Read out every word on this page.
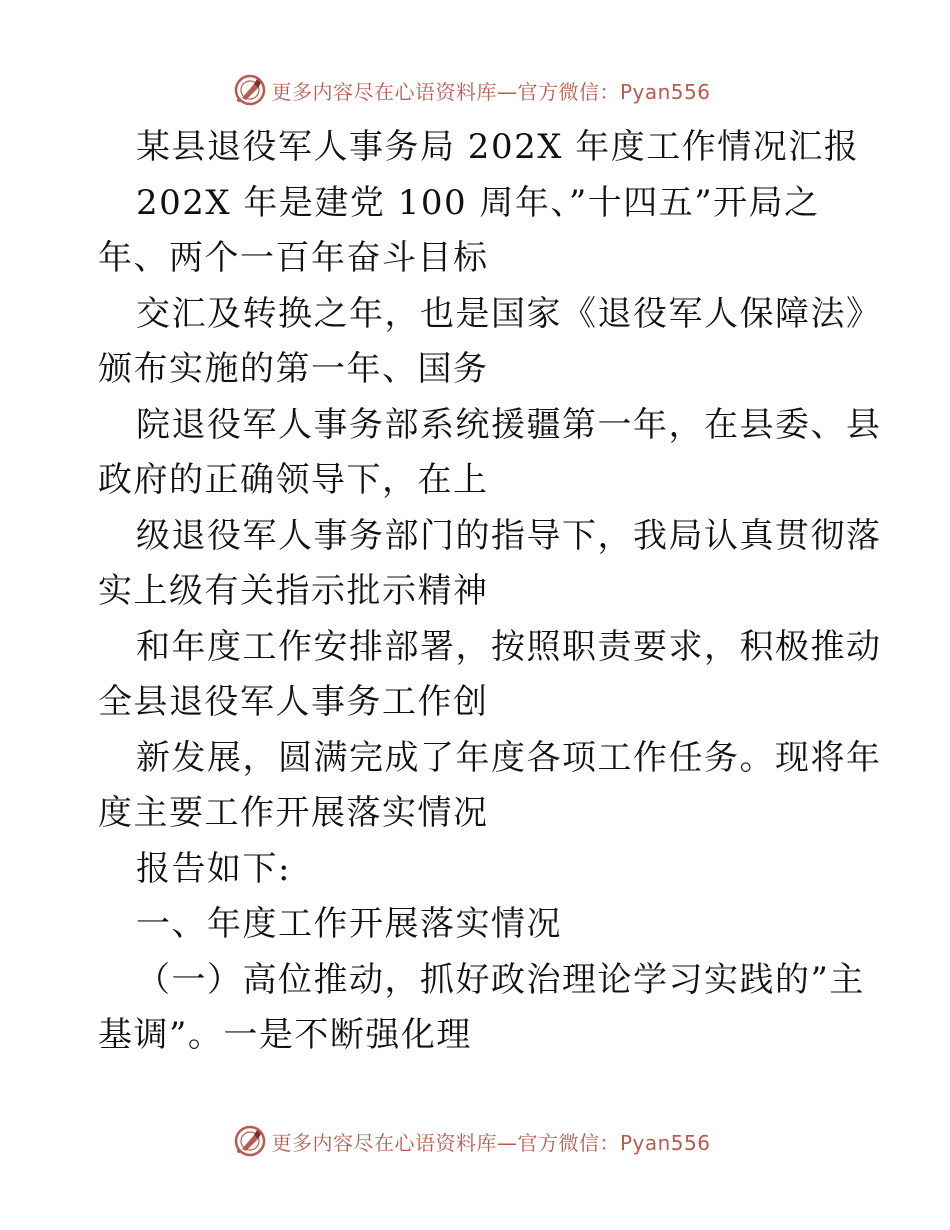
更多内容尽在心语资料库—官方微信：Pyan556
某县退役军人事务局 202X 年度工作情况汇报
202X 年是建党 100 周年、”十四五”开局之
年、两个一百年奋斗目标
交汇及转换之年，也是国家《退役军人保障法》
颁布实施的第一年、国务
院退役军人事务部系统援疆第一年，在县委、县
政府的正确领导下，在上
级退役军人事务部门的指导下，我局认真贯彻落
实上级有关指示批示精神
和年度工作安排部署，按照职责要求，积极推动
全县退役军人事务工作创
新发展，圆满完成了年度各项工作任务。现将年
度主要工作开展落实情况
报告如下:
一、年度工作开展落实情况
（一）高位推动，抓好政治理论学习实践的”主
基调”。一是不断强化理
更多内容尽在心语资料库—官方微信：Pyan556
